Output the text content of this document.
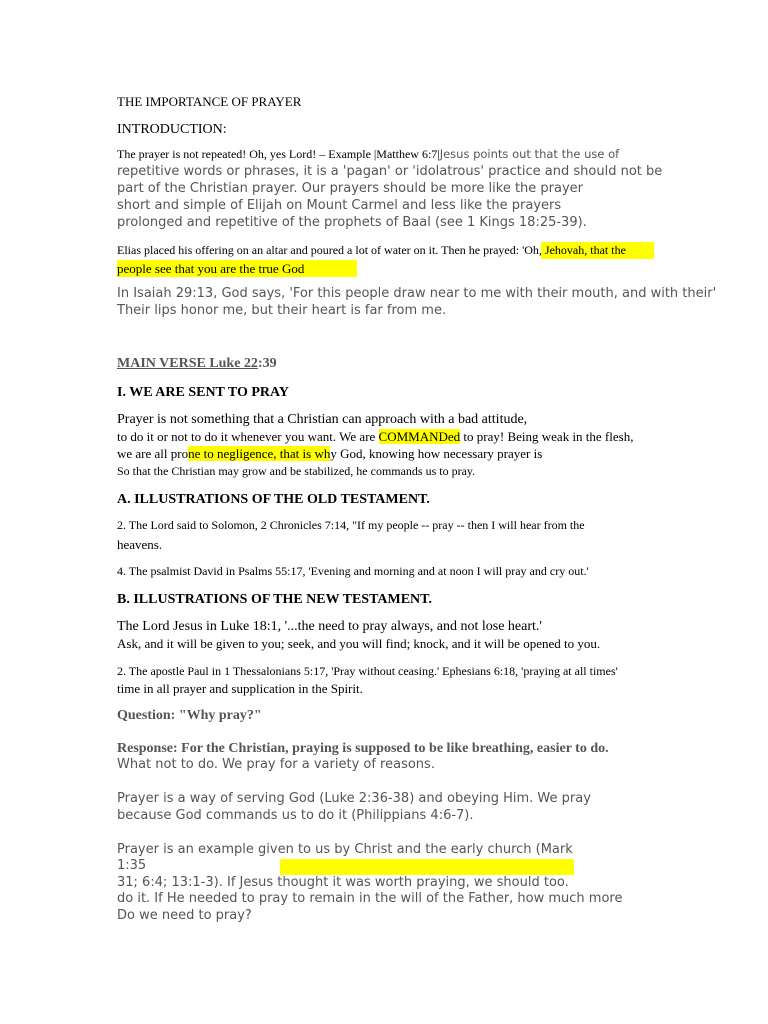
THE IMPORTANCE OF PRAYER
INTRODUCTION:
The prayer is not repeated! Oh, yes Lord! – Example |Matthew 6:7|Jesus points out that the use of
repetitive words or phrases, it is a 'pagan' or 'idolatrous' practice and should not be
part of the Christian prayer. Our prayers should be more like the prayer
short and simple of Elijah on Mount Carmel and less like the prayers
prolonged and repetitive of the prophets of Baal (see 1 Kings 18:25-39).
Elias placed his offering on an altar and poured a lot of water on it. Then he prayed: 'Oh, Jehovah, that the
people see that you are the true God
In Isaiah 29:13, God says, 'For this people draw near to me with their mouth, and with their'
Their lips honor me, but their heart is far from me.
MAIN VERSE Luke 22:39
I. WE ARE SENT TO PRAY
Prayer is not something that a Christian can approach with a bad attitude,
to do it or not to do it whenever you want. We are COMMANDed to pray! Being weak in the flesh,
we are all prone to negligence, that is why God, knowing how necessary prayer is
So that the Christian may grow and be stabilized, he commands us to pray.
A. ILLUSTRATIONS OF THE OLD TESTAMENT.
2. The Lord said to Solomon, 2 Chronicles 7:14, "If my people -- pray -- then I will hear from the
heavens.
4. The psalmist David in Psalms 55:17, 'Evening and morning and at noon I will pray and cry out.'
B. ILLUSTRATIONS OF THE NEW TESTAMENT.
The Lord Jesus in Luke 18:1, '...the need to pray always, and not lose heart.'
Ask, and it will be given to you; seek, and you will find; knock, and it will be opened to you.
2. The apostle Paul in 1 Thessalonians 5:17, 'Pray without ceasing.' Ephesians 6:18, 'praying at all times'
time in all prayer and supplication in the Spirit.
Question: "Why pray?"
Response: For the Christian, praying is supposed to be like breathing, easier to do.
What not to do. We pray for a variety of reasons.
Prayer is a way of serving God (Luke 2:36-38) and obeying Him. We pray
because God commands us to do it (Philippians 4:6-7).
Prayer is an example given to us by Christ and the early church (Mark
1:35
31; 6:4; 13:1-3). If Jesus thought it was worth praying, we should too.
do it. If He needed to pray to remain in the will of the Father, how much more
Do we need to pray?
